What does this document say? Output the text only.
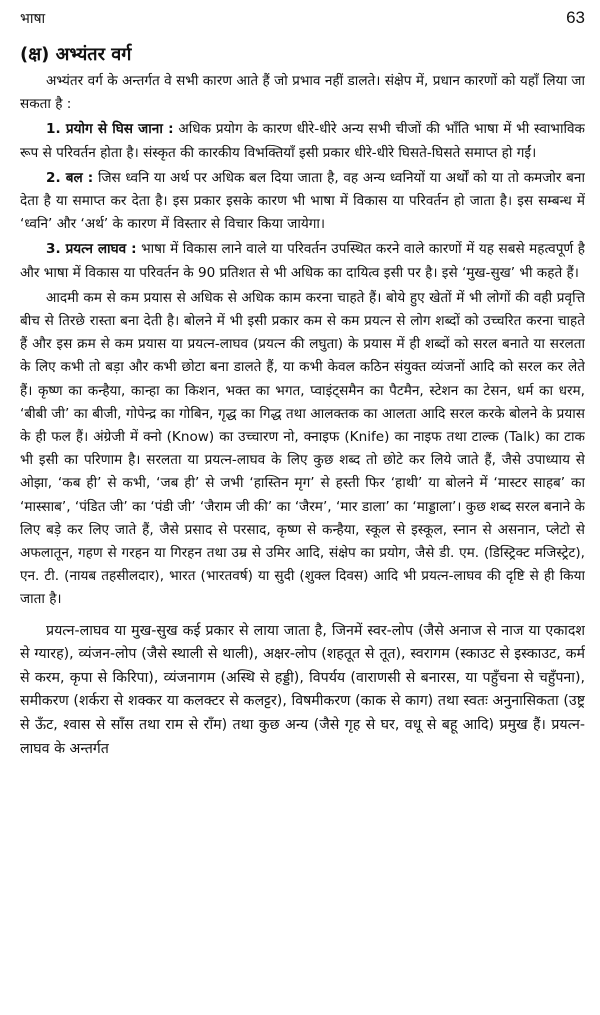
भाषा	63
(क्ष) अभ्यंतर वर्ग

अभ्यंतर वर्ग के अन्तर्गत वे सभी कारण आते हैं जो प्रभाव नहीं डालते। संक्षेप में, प्रधान कारणों को यहाँ लिया जा सकता है :

1. प्रयोग से घिस जाना : अधिक प्रयोग के कारण धीरे-धीरे अन्य सभी चीजों की भाँति भाषा में भी स्वाभाविक रूप से परिवर्तन होता है। संस्कृत की कारकीय विभक्तियाँ इसी प्रकार धीरे-धीरे घिसते-घिसते समाप्त हो गईं।

2. बल : जिस ध्वनि या अर्थ पर अधिक बल दिया जाता है, वह अन्य ध्वनियों या अर्थों को या तो कमजोर बना देता है या समाप्त कर देता है। इस प्रकार इसके कारण भी भाषा में विकास या परिवर्तन हो जाता है। इस सम्बन्ध में ‘ध्वनि’ और ‘अर्थ’ के कारण में विस्तार से विचार किया जायेगा।

3. प्रयत्न लाघव : भाषा में विकास लाने वाले या परिवर्तन उपस्थित करने वाले कारणों में यह सबसे महत्वपूर्ण है और भाषा में विकास या परिवर्तन के 90 प्रतिशत से भी अधिक का दायित्व इसी पर है। इसे ‘मुख-सुख’ भी कहते हैं।

आदमी कम से कम प्रयास से अधिक से अधिक काम करना चाहते हैं। बोये हुए खेतों में भी लोगों की वही प्रवृत्ति बीच से तिरछे रास्ता बना देती है। बोलने में भी इसी प्रकार कम से कम प्रयत्न से लोग शब्दों को उच्चरित करना चाहते हैं और इस क्रम से कम प्रयास या प्रयत्न-लाघव (प्रयत्न की लघुता) के प्रयास में ही शब्दों को सरल बनाते या सरलता के लिए कभी तो बड़ा और कभी छोटा बना डालते हैं, या कभी केवल कठिन संयुक्त व्यंजनों आदि को सरल कर लेते हैं। कृष्ण का कन्हैया, कान्हा का किशन, भक्त का भगत, प्वाइंट्समैन का पैटमैन, स्टेशन का टेसन, धर्म का धरम, ‘बीबी जी’ का बीजी, गोपेन्द्र का गोबिन, गृद्ध का गिद्ध तथा आलक्तक का आलता आदि सरल करके बोलने के प्रयास के ही फल हैं। अंग्रेजी में क्नो (Know) का उच्चारण नो, क्नाइफ (Knife) का नाइफ तथा टाल्क (Talk) का टाक भी इसी का परिणाम है। सरलता या प्रयत्न-लाघव के लिए कुछ शब्द तो छोटे कर लिये जाते हैं, जैसे उपाध्याय से ओझा, ‘कब ही’ से कभी, ‘जब ही’ से जभी ‘हास्तिन मृग’ से हस्ती फिर ‘हाथी’ या बोलने में ‘मास्टर साहब’ का ‘मास्साब’, ‘पंडित जी’ का ‘पंडी जी’ ‘जैराम जी की’ का ‘जैरम’, ‘मार डाला’ का ‘माड्डाला’। कुछ शब्द सरल बनाने के लिए बड़े कर लिए जाते हैं, जैसे प्रसाद से परसाद, कृष्ण से कन्हैया, स्कूल से इस्कूल, स्नान से असनान, प्लेटो से अफलातून, गहण से गरहन या गिरहन तथा उम्र से उमिर आदि, संक्षेप का प्रयोग, जैसे डी. एम. (डिस्ट्रिक्ट मजिस्ट्रेट), एन. टी. (नायब तहसीलदार), भारत (भारतवर्ष) या सुदी (शुक्ल दिवस) आदि भी प्रयत्न-लाघव की दृष्टि से ही किया जाता है।

प्रयत्न-लाघव या मुख-सुख कई प्रकार से लाया जाता है, जिनमें स्वर-लोप (जैसे अनाज से नाज या एकादश से ग्यारह), व्यंजन-लोप (जैसे स्थाली से थाली), अक्षर-लोप (शहतूत से तूत), स्वरागम (स्काउट से इस्काउट, कर्म से करम, कृपा से किरिपा), व्यंजनागम (अस्थि से हड्डी), विपर्यय (वाराणसी से बनारस, या पहुँचना से चहुँपना), समीकरण (शर्करा से शक्कर या कलक्टर से कलट्टर), विषमीकरण (काक से काग) तथा स्वतः अनुनासिकता (उष्ट्र से ऊँट, श्वास से साँस तथा राम से राँम) तथा कुछ अन्य (जैसे गृह से घर, वधू से बहू आदि) प्रमुख हैं। प्रयत्न-लाघव के अन्तर्गत
